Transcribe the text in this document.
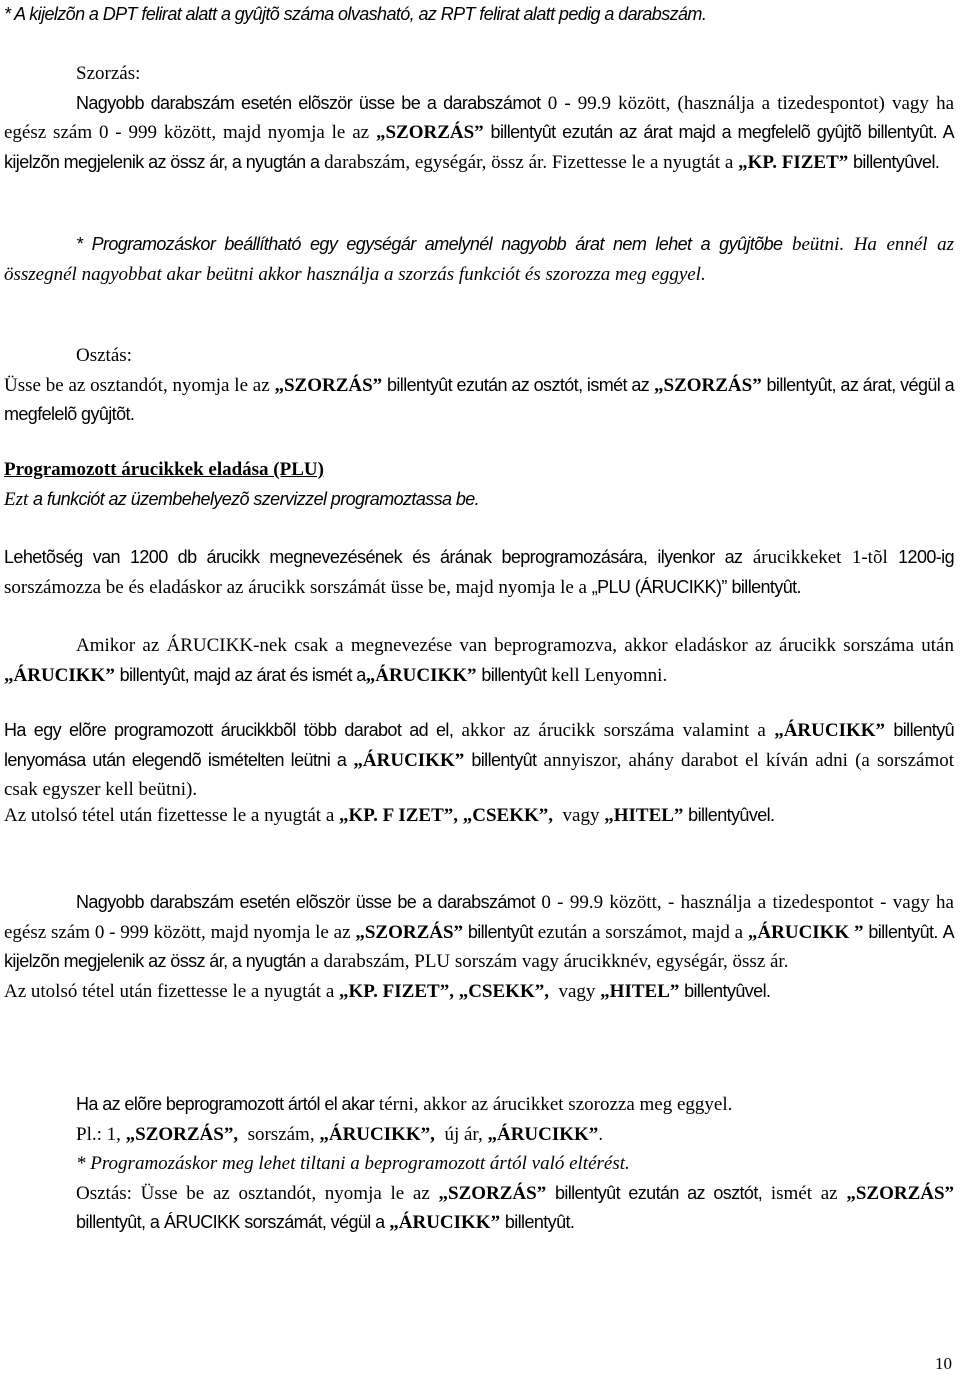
* A kijelzõn a DPT felirat alatt a gyûjtõ száma olvasható, az RPT felirat alatt pedig a darabszám.

Szorzás:

Nagyobb darabszám esetén elõször üsse be a darabszámot 0 - 99.9 között, (használja a tizedespontot) vagy ha egész szám 0 - 999 között, majd nyomja le az „SZORZÁS” billentyût ezután az árat majd a megfelelõ gyûjtõ billentyût. A kijelzõn megjelenik az össz ár, a nyugtán a darabszám, egységár, össz ár. Fizettesse le a nyugtát a „KP. FIZET” billentyûvel.

* Programozáskor beállítható egy egységár amelynél nagyobb árat nem lehet a gyûjtõbe beütni. Ha ennél az összegnél nagyobbat akar beütni akkor használja a szorzás funkciót és szorozza meg eggyel.

Osztás:

Üsse be az osztandót, nyomja le az „SZORZÁS” billentyût ezután az osztót, ismét az „SZORZÁS” billentyût, az árat, végül a megfelelõ gyûjtõt.

Programozott árucikkek eladása (PLU)

Ezt a funkciót az üzembehelyezõ szervizzel programoztassa be.

Lehetõség van 1200 db árucikk megnevezésének és árának beprogramozására, ilyenkor az árucikkeket 1-tõl 1200-ig sorszámozza be és eladáskor az árucikk sorszámát üsse be, majd nyomja le a „PLU (ÁRUCIKK)” billentyût.

Amikor az ÁRUCIKK-nek csak a megnevezése van beprogramozva, akkor eladáskor az árucikk sorszáma után „ÁRUCIKK” billentyût, majd az árat és ismét a„ÁRUCIKK” billentyût kell Lenyomni.

Ha egy elõre programozott árucikkbõl több darabot ad el, akkor az árucikk sorszáma valamint a „ÁRUCIKK” billentyû lenyomása után elegendõ ismételten leütni a „ÁRUCIKK” billentyût annyiszor, ahány darabot el kíván adni (a sorszámot csak egyszer kell beütni).

Az utolsó tétel után fizettesse le a nyugtát a „KP. F IZET”, „CSEKK”, vagy „HITEL” billentyûvel.

Nagyobb darabszám esetén elõször üsse be a darabszámot 0 - 99.9 között, - használja a tizedespontot - vagy ha egész szám 0 - 999 között, majd nyomja le az „SZORZÁS” billentyût ezután a sorszámot, majd a „ÁRUCIKK ” billentyût. A kijelzõn megjelenik az össz ár, a nyugtán a darabszám, PLU sorszám vagy árucikknév, egységár, össz ár.

Az utolsó tétel után fizettesse le a nyugtát a „KP. FIZET”, „CSEKK”, vagy „HITEL” billentyûvel.

Ha az elõre beprogramozott ártól el akar térni, akkor az árucikket szorozza meg eggyel.

Pl.: 1, „SZORZÁS”, sorszám, „ÁRUCIKK”, új ár, „ÁRUCIKK”.

* Programozáskor meg lehet tiltani a beprogramozott ártól való eltérést.

Osztás: Üsse be az osztandót, nyomja le az „SZORZÁS” billentyût ezután az osztót, ismét az „SZORZÁS” billentyût, a ÁRUCIKK sorszámát, végül a „ÁRUCIKK” billentyût.

10
